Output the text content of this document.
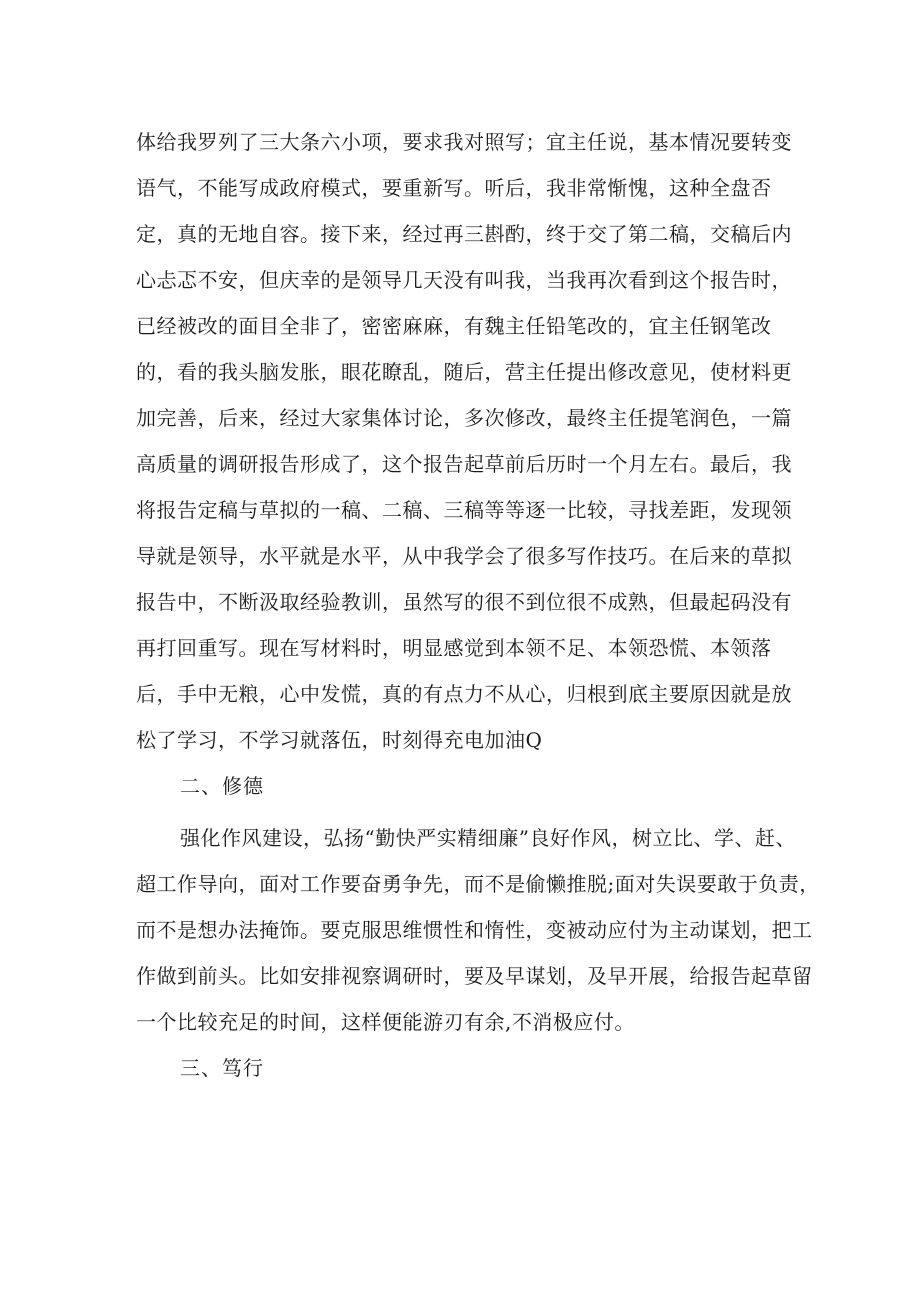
体给我罗列了三大条六小项，要求我对照写；宜主任说，基本情况要转变
语气，不能写成政府模式，要重新写。听后，我非常惭愧，这种全盘否
定，真的无地自容。接下来，经过再三斟酌，终于交了第二稿，交稿后内
心忐忑不安，但庆幸的是领导几天没有叫我，当我再次看到这个报告时，
已经被改的面目全非了，密密麻麻，有魏主任铅笔改的，宜主任钢笔改
的，看的我头脑发胀，眼花瞭乱，随后，营主任提出修改意见，使材料更
加完善，后来，经过大家集体讨论，多次修改，最终主任提笔润色，一篇
高质量的调研报告形成了，这个报告起草前后历时一个月左右。最后，我
将报告定稿与草拟的一稿、二稿、三稿等等逐一比较，寻找差距，发现领
导就是领导，水平就是水平，从中我学会了很多写作技巧。在后来的草拟
报告中，不断汲取经验教训，虽然写的很不到位很不成熟，但最起码没有
再打回重写。现在写材料时，明显感觉到本领不足、本领恐慌、本领落
后，手中无粮，心中发慌，真的有点力不从心，归根到底主要原因就是放
松了学习，不学习就落伍，时刻得充电加油Q
二、修德
强化作风建设，弘扬“勤快严实精细廉”良好作风，树立比、学、赶、
超工作导向，面对工作要奋勇争先，而不是偷懒推脱;面对失误要敢于负责，
而不是想办法掩饰。要克服思维惯性和惰性，变被动应付为主动谋划，把工
作做到前头。比如安排视察调研时，要及早谋划，及早开展，给报告起草留
一个比较充足的时间，这样便能游刃有余,不消极应付。
三、笃行
